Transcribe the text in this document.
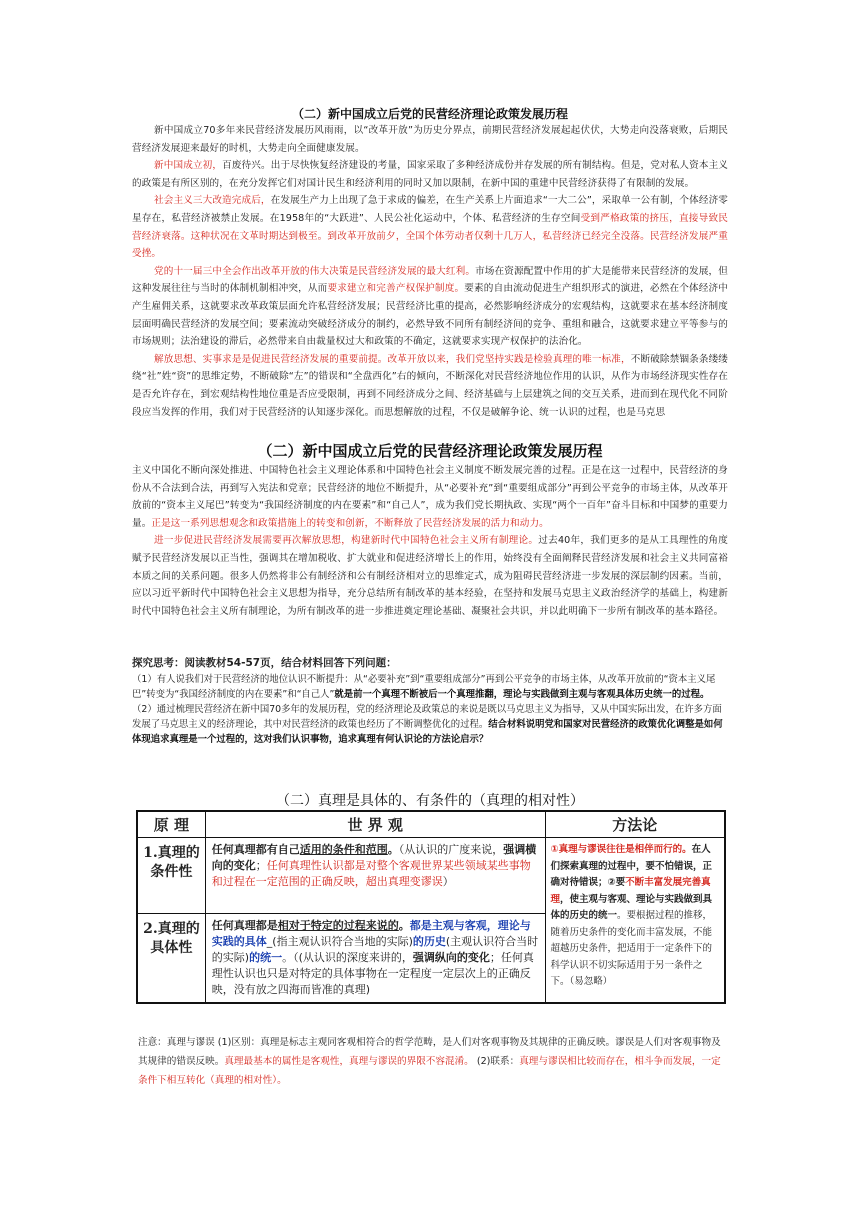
（二）新中国成立后党的民营经济理论政策发展历程

新中国成立70多年来民营经济发展历风雨雨，以“改革开放”为历史分界点，前期民营经济发展起起伏伏，大势走向没落衰败，后期民营经济发展迎来最好的时机，大势走向全面健康发展。

新中国成立初，百废待兴。出于尽快恢复经济建设的考量，国家采取了多种经济成份并存发展的所有制结构。但是，党对私人资本主义的政策是有所区别的，在充分发挥它们对国计民生和经济利用的同时又加以限制，在新中国的重建中民营经济获得了有限制的发展。

社会主义三大改造完成后，在发展生产力上出现了急于求成的偏差，在生产关系上片面追求“一大二公”，采取单一公有制，个体经济零星存在，私营经济被禁止发展。在1958年的“大跃进”、人民公社化运动中，个体、私营经济的生存空间受到严格政策的挤压，直接导致民营经济衰落。这种状况在文革时期达到极至。到改革开放前夕，全国个体劳动者仅剩十几万人，私营经济已经完全没落。民营经济发展严重受挫。

党的十一届三中全会作出改革开放的伟大决策是民营经济发展的最大红利。市场在资源配置中作用的扩大是能带来民营经济的发展，但这种发展往往与当时的体制机制相冲突，从而要求建立和完善产权保护制度。要素的自由流动促进生产组织形式的演进，必然在个体经济中产生雇佣关系，这就要求改革政策层面允许私营经济发展；民营经济比重的提高，必然影响经济成分的宏观结构，这就要求在基本经济制度层面明确民营经济的发展空间；要素流动突破经济成分的制约，必然导致不同所有制经济间的竞争、重组和融合，这就要求建立平等参与的市场规则；法治建设的滞后，必然带来自由裁量权过大和政策的不确定，这就要求实现产权保护的法治化。

解放思想、实事求是是促进民营经济发展的重要前提。改革开放以来，我们党坚持实践是检验真理的唯一标准，不断破除禁锢条条缕缕绕“社”姓“资”的思维定势，不断破除“左”的错误和“全盘西化”右的倾向，不断深化对民营经济地位作用的认识，从作为市场经济现实性存在是否允许存在，到宏观结构性地位重是否应受限制，再到不同经济成分之间、经济基础与上层建筑之间的交互关系，进而到在现代化不同阶段应当发挥的作用，我们对于民营经济的认知逐步深化。而思想解放的过程，不仅是破解争论、统一认识的过程，也是马克思

（二）新中国成立后党的民营经济理论政策发展历程

主义中国化不断向深处推进、中国特色社会主义理论体系和中国特色社会主义制度不断发展完善的过程。正是在这一过程中，民营经济的身份从不合法到合法，再到写入宪法和党章；民营经济的地位不断提升，从“必要补充”到“重要组成部分”再到公平竞争的市场主体，从改革开放前的“资本主义尾巴”转变为“我国经济制度的内在要素”和“自己人”，成为我们党长期执政、实现“两个一百年”奋斗目标和中国梦的重要力量。正是这一系列思想观念和政策措施上的转变和创新，不断释放了民营经济发展的活力和动力。

进一步促进民营经济发展需要再次解放思想，构建新时代中国特色社会主义所有制理论。过去40年，我们更多的是从工具理性的角度赋予民营经济发展以正当性，强调其在增加税收、扩大就业和促进经济增长上的作用，始终没有全面阐释民营经济发展和社会主义共同富裕本质之间的关系问题。很多人仍然将非公有制经济和公有制经济相对立的思维定式，成为阻碍民营经济进一步发展的深层制约因素。当前，应以习近平新时代中国特色社会主义思想为指导，充分总结所有制改革的基本经验，在坚持和发展马克思主义政治经济学的基础上，构建新时代中国特色社会主义所有制理论，为所有制改革的进一步推进奠定理论基础、凝聚社会共识，并以此明确下一步所有制改革的基本路径。

探究思考：阅读教材54-57页，结合材料回答下列问题：

（1）有人说我们对于民营经济的地位认识不断提升：从“必要补充”到“重要组成部分”再到公平竞争的市场主体，从改革开放前的“资本主义尾巴”转变为“我国经济制度的内在要素”和“自己人”就是前一个真理不断被后一个真理推翻，理论与实践做到主观与客观具体历史统一的过程。

（2）通过梳理民营经济在新中国70多年的发展历程，党的经济理论及政策总的来说是既以马克思主义为指导，又从中国实际出发，在许多方面发展了马克思主义的经济理论，其中对民营经济的政策也经历了不断调整优化的过程。结合材料说明党和国家对民营经济的政策优化调整是如何体现追求真理是一个过程的，这对我们认识事物，追求真理有何认识论的方法论启示？

（二）真理是具体的、有条件的（真理的相对性）
原 理	世 界 观	方法论
1.真理的条件性	任何真理都有自己适用的条件和范围。（从认识的广度来说，强调横向的变化；任何真理性认识都是对整个客观世界某些领域某些事物和过程在一定范围的正确反映，超出真理变谬误）	①真理与谬误往往是相伴而行的。在人们探索真理的过程中，要不怕错误，正确对待错误；②要不断丰富发展完善真理，使主观与客观、理论与实践做到具体的历史的统一。要根据过程的推移，随着历史条件的变化而丰富发展，不能超越历史条件，把适用于一定条件下的科学认识不切实际适用于另一条件之下。（易忽略）
2.真理的具体性	任何真理都是相对于特定的过程来说的。都是主观与客观，理论与实践的具体_(指主观认识符合当地的实际)的历史(主观认识符合当时的实际)的统一。（(从认识的深度来讲的，强调纵向的变化；任何真理性认识也只是对特定的具体事物在一定程度一定层次上的正确反映，没有放之四海而皆准的真理)	

注意：真理与谬误 (1)区别：真理是标志主观同客观相符合的哲学范畴，是人们对客观事物及其规律的正确反映。谬误是人们对客观事物及其规律的错误反映。真理最基本的属性是客观性，真理与谬误的界限不容混淆。 (2)联系：真理与谬误相比较而存在，相斗争而发展，一定条件下相互转化（真理的相对性）。
